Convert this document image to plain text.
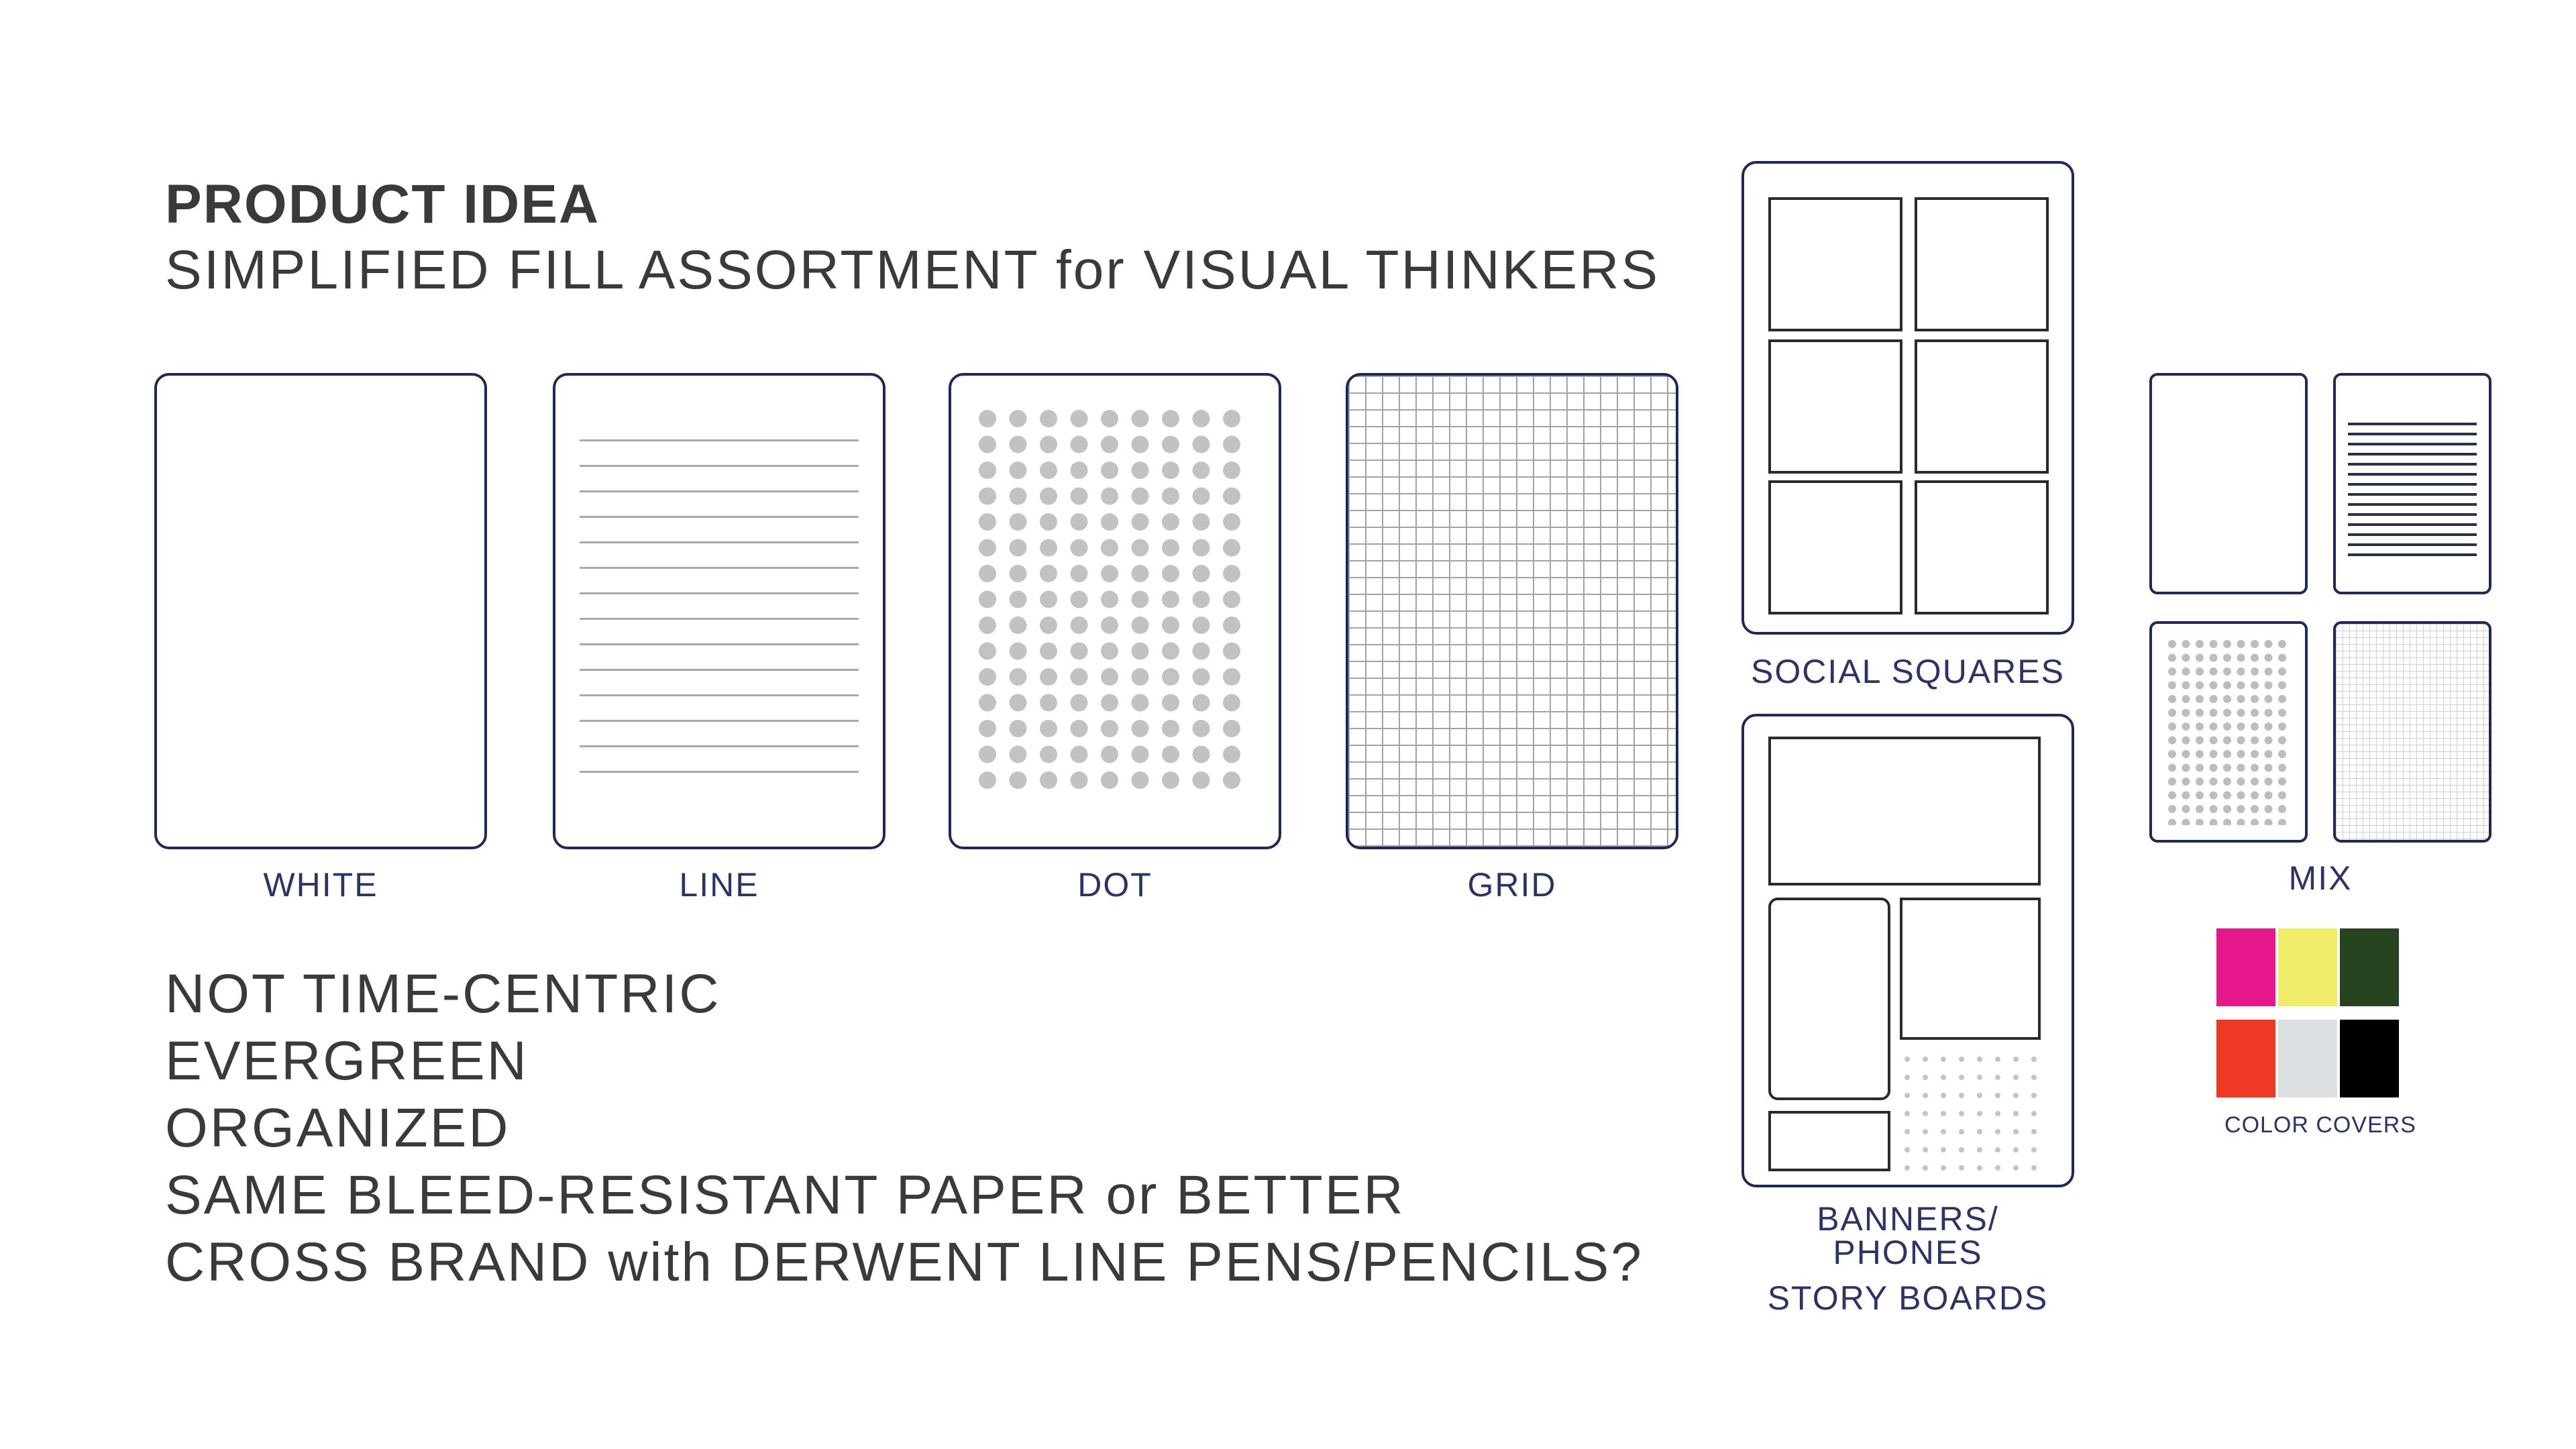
PRODUCT IDEA
SIMPLIFIED FILL ASSORTMENT for VISUAL THINKERS
WHITE	LINE	DOT	GRID
NOT TIME-CENTRIC
EVERGREEN
ORGANIZED
SAME BLEED-RESISTANT PAPER or BETTER
CROSS BRAND with DERWENT LINE PENS/PENCILS?
SOCIAL SQUARES
BANNERS/
PHONES
STORY BOARDS
MIX
COLOR COVERS
